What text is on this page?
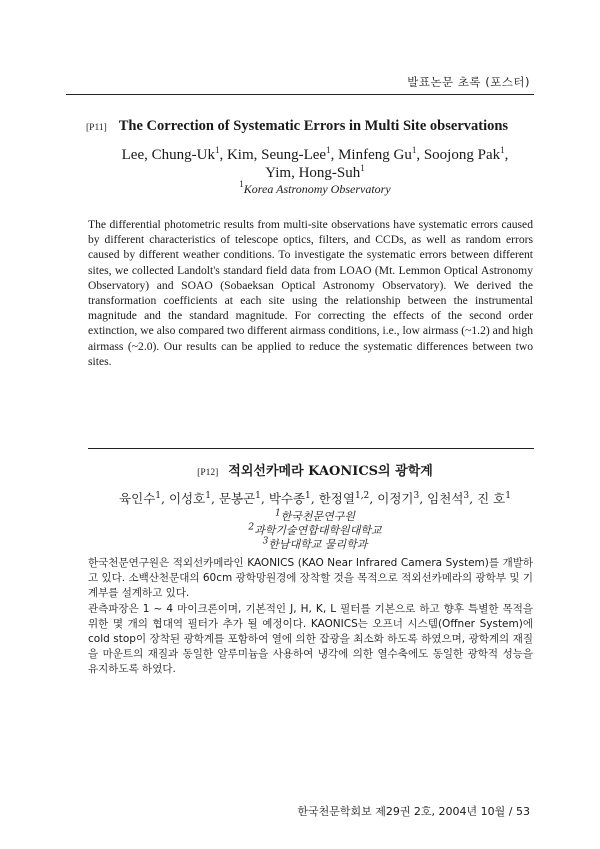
발표논문 초록 (포스터)
[P11] The Correction of Systematic Errors in Multi Site observations
Lee, Chung-Uk$^1$, Kim, Seung-Lee$^1$, Minfeng Gu$^1$, Soojong Pak$^1$,
Yim, Hong-Suh$^1$
$^1$Korea Astronomy Observatory

The differential photometric results from multi-site observations have systematic errors caused by different characteristics of telescope optics, filters, and CCDs, as well as random errors caused by different weather conditions. To investigate the systematic errors between different sites, we collected Landolt's standard field data from LOAO (Mt. Lemmon Optical Astronomy Observatory) and SOAO (Sobaeksan Optical Astronomy Observatory). We derived the transformation coefficients at each site using the relationship between the instrumental magnitude and the standard magnitude. For correcting the effects of the second order extinction, we also compared two different airmass conditions, i.e., low airmass (~1.2) and high airmass (~2.0). Our results can be applied to reduce the systematic differences between two sites.

[P12] 적외선카메라 KAONICS의 광학계
육인수$^1$, 이성호$^1$, 문봉곤$^1$, 박수종$^1$, 한정열$^{1,2}$, 이정기$^3$, 임천석$^3$, 진 호$^1$
$^1$한국천문연구원
$^2$과학기술연합대학원대학교
$^3$한남대학교 물리학과

한국천문연구원은 적외선카메라인 KAONICS (KAO Near Infrared Camera System)를 개발하고 있다. 소백산천문대의 60cm 광학망원경에 장착할 것을 목적으로 적외선카메라의 광학부 및 기계부를 설계하고 있다.

관측파장은 1 ~ 4 마이크론이며, 기본적인 J, H, K, L 필터를 기본으로 하고 향후 특별한 목적을 위한 몇 개의 협대역 필터가 추가 될 예정이다. KAONICS는 오프너 시스템(Offner System)에 cold stop이 장착된 광학계를 포함하여 열에 의한 잡광을 최소화 하도록 하였으며, 광학계의 재질을 마운트의 재질과 동일한 알루미늄을 사용하여 냉각에 의한 열수축에도 동일한 광학적 성능을 유지하도록 하였다.

한국천문학회보 제29권 2호, 2004년 10월 / 53
